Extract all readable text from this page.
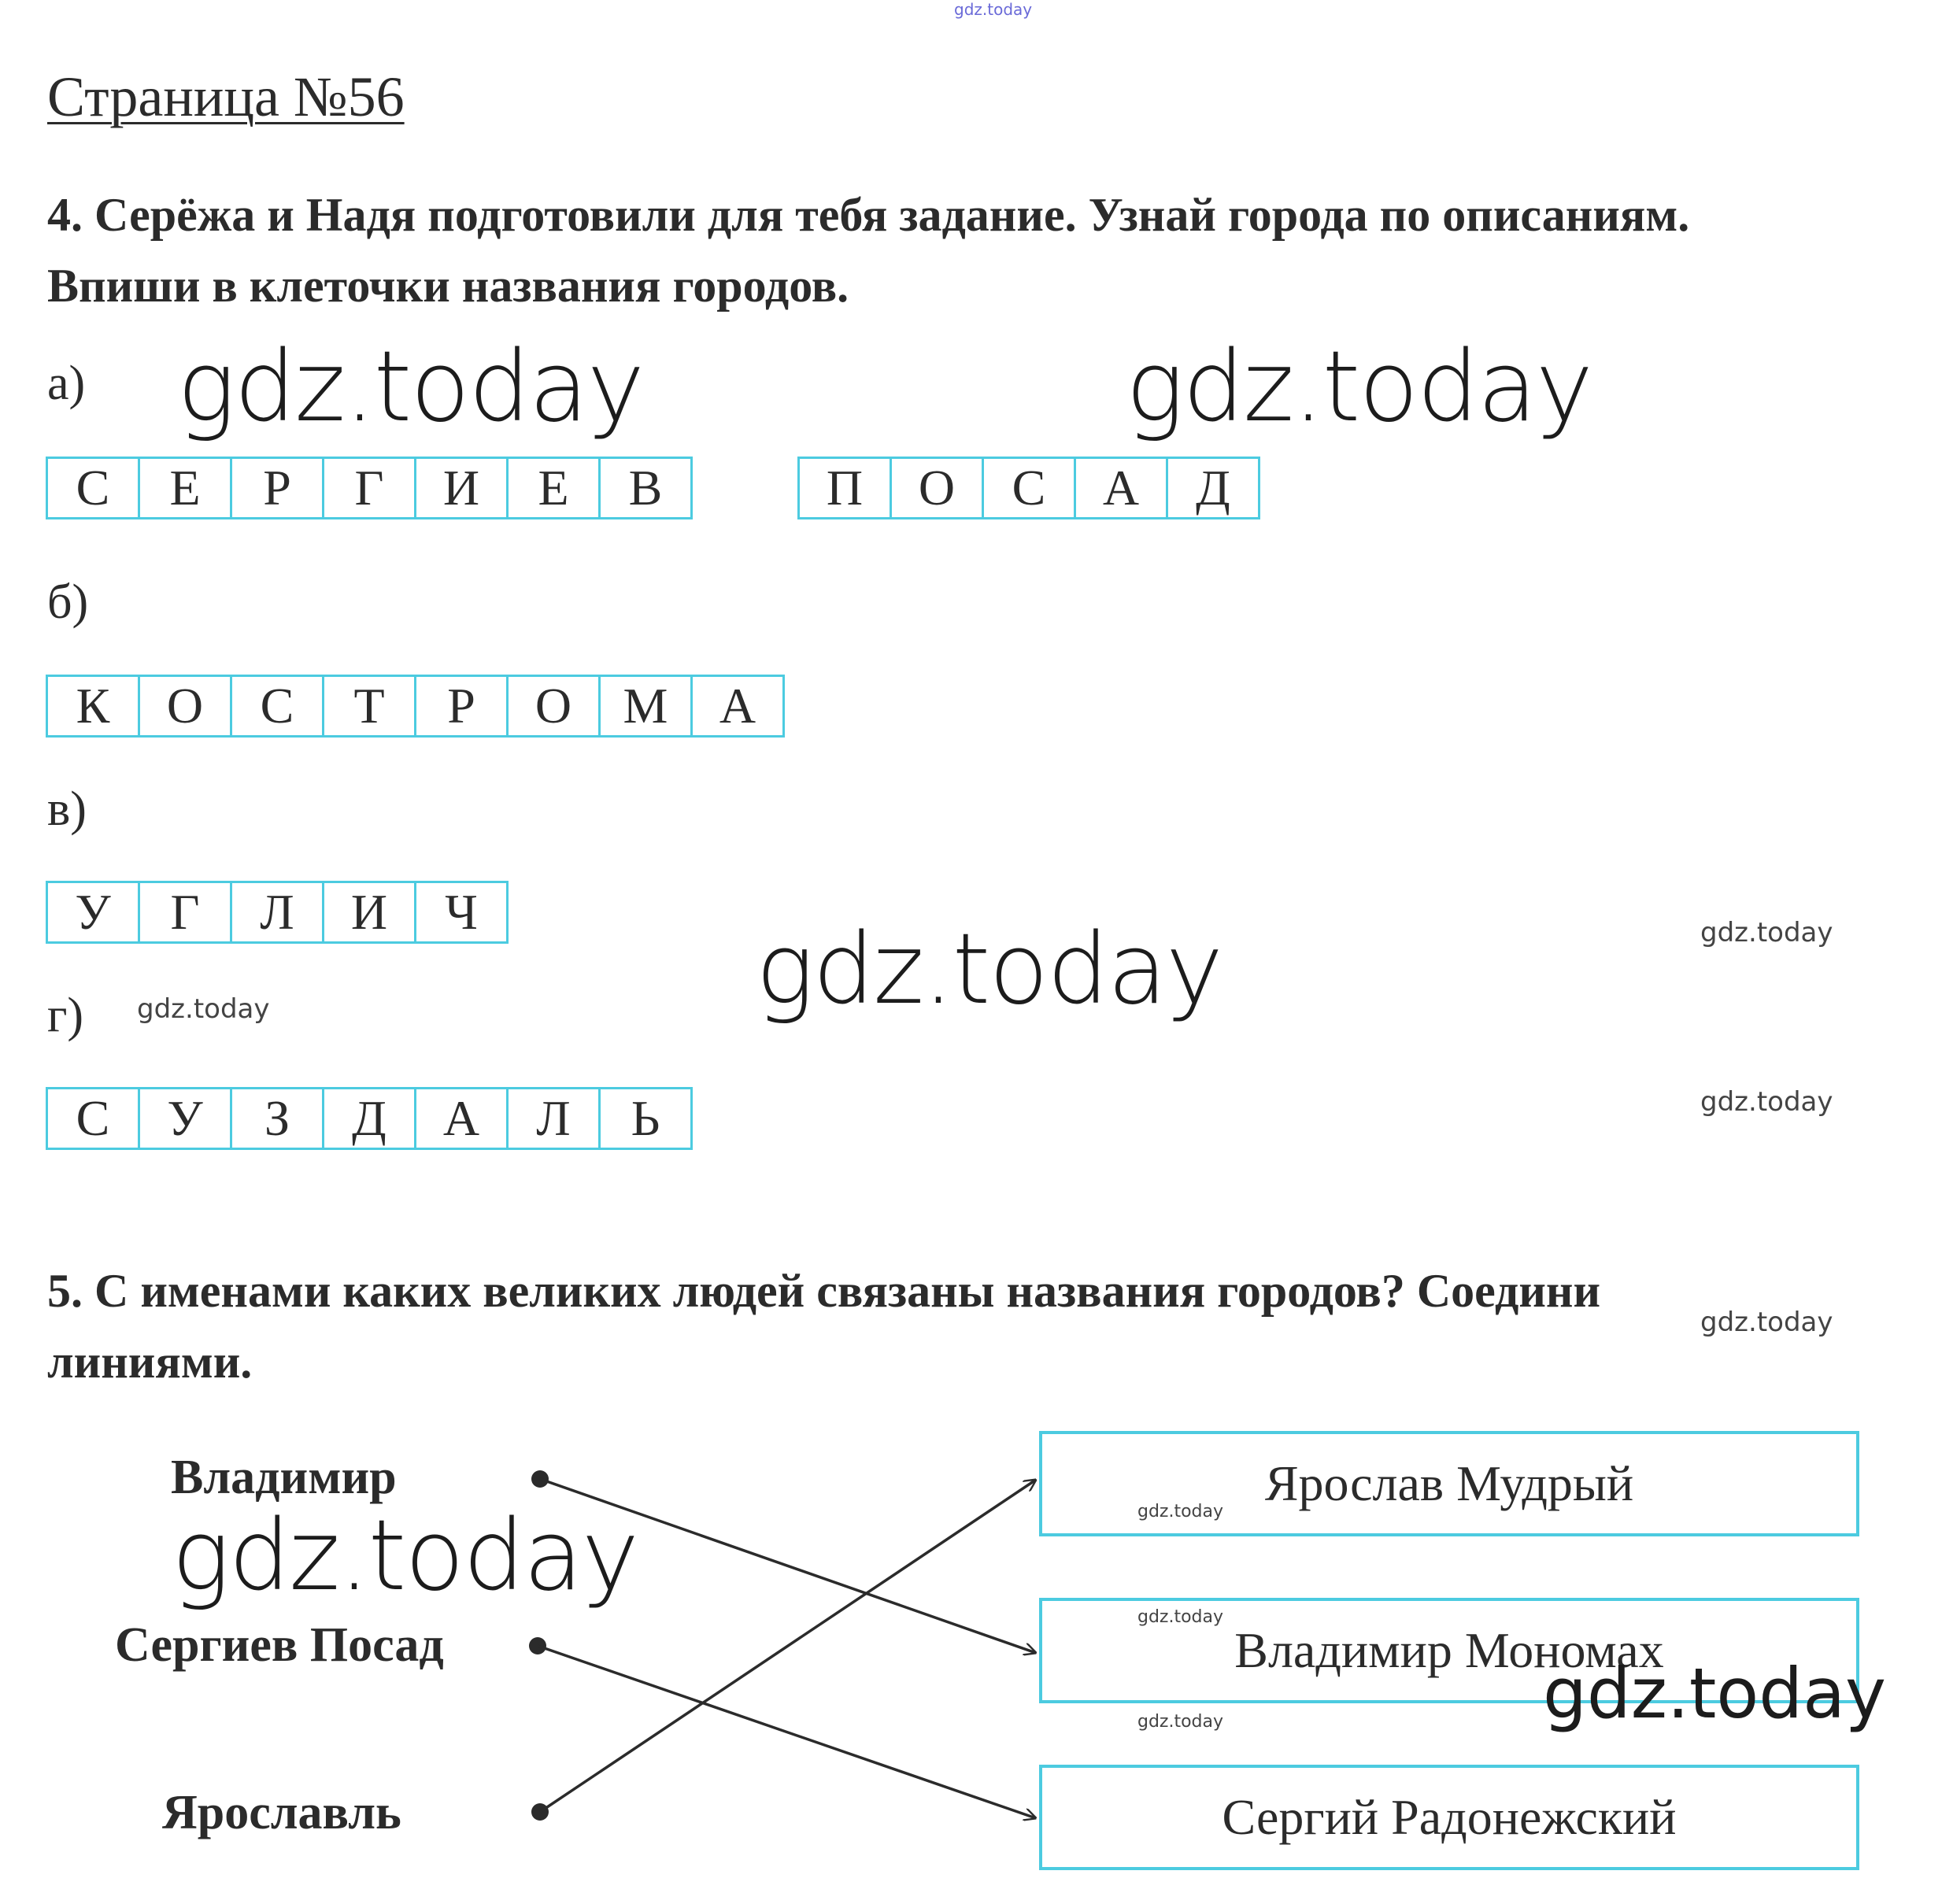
gdz.today
Страница №56
4. Серёжа и Надя подготовили для тебя задание. Узнай города по описаниям.
Впиши в клеточки названия городов.
а)
С	Е	Р	Г	И	Е	В	П	О	С	А	Д
б)
К	О	С	Т	Р	О	М	А
в)
У	Г	Л	И	Ч
г)
С	У	З	Д	А	Л	Ь
5. С именами каких великих людей связаны названия городов? Соедини
линиями.
Владимир
Сергиев Посад
Ярославль
Ярослав Мудрый
Владимир Мономах
Сергий Радонежский
gdz.today	gdz.today
gdz.today
gdz.today
gdz.today
gdz.today
gdz.today
gdz.today
gdz.today
gdz.today
gdz.today
gdz.today
